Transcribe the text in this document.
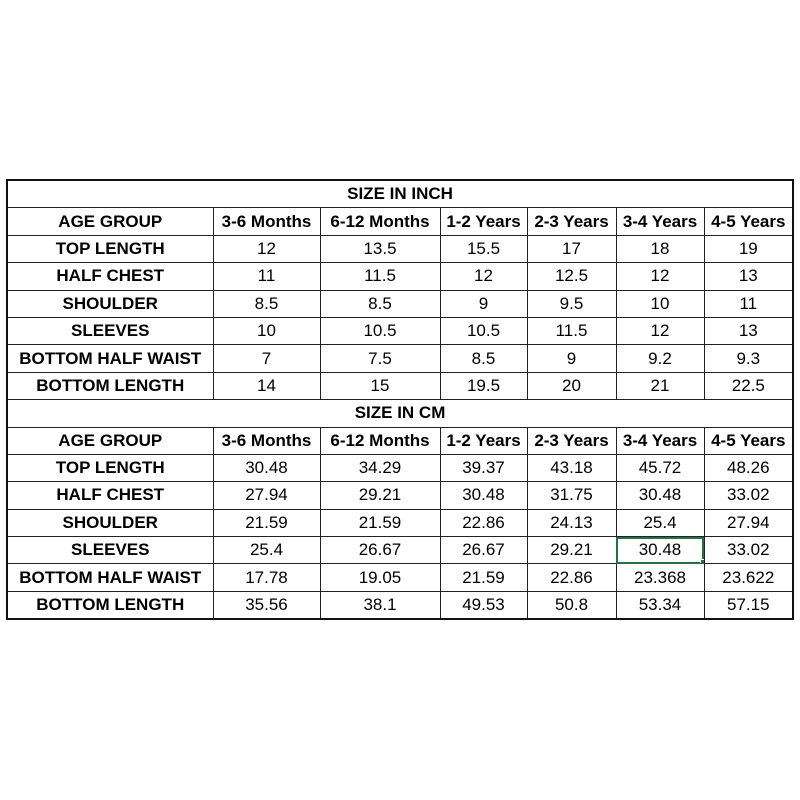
SIZE IN INCH						
AGE GROUP	3-6 Months	6-12 Months	1-2 Years	2-3 Years	3-4 Years	4-5 Years
TOP LENGTH	12	13.5	15.5	17	18	19
HALF CHEST	11	11.5	12	12.5	12	13
SHOULDER	8.5	8.5	9	9.5	10	11
SLEEVES	10	10.5	10.5	11.5	12	13
BOTTOM HALF WAIST	7	7.5	8.5	9	9.2	9.3
BOTTOM LENGTH	14	15	19.5	20	21	22.5
SIZE IN CM						
AGE GROUP	3-6 Months	6-12 Months	1-2 Years	2-3 Years	3-4 Years	4-5 Years
TOP LENGTH	30.48	34.29	39.37	43.18	45.72	48.26
HALF CHEST	27.94	29.21	30.48	31.75	30.48	33.02
SHOULDER	21.59	21.59	22.86	24.13	25.4	27.94
SLEEVES	25.4	26.67	26.67	29.21	30.48	33.02
BOTTOM HALF WAIST	17.78	19.05	21.59	22.86	23.368	23.622
BOTTOM LENGTH	35.56	38.1	49.53	50.8	53.34	57.15
